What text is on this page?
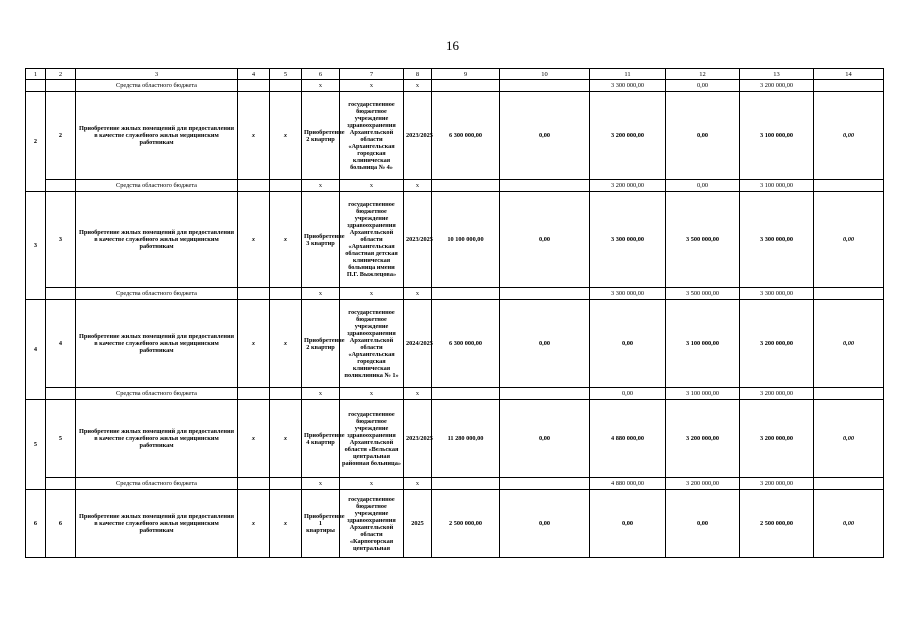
16
1	2	3	4	5	6	7	8	9	10	11	12	13	14
		Средства областного бюджета			x	x	x			3 300 000,00	0,00	3 200 000,00	
2	2	Приобретение жилых помещений для предоставления в качестве служебного жилья медицинским работникам	x	x	Приобретение 2 квартир	государственное бюджетное учреждение здравоохранения Архангельской области «Архангельская городская клиническая больница № 4»	2023/2025	6 300 000,00	0,00	3 200 000,00	0,00	3 100 000,00	0,00
		Средства областного бюджета			x	x	x			3 200 000,00	0,00	3 100 000,00	
3	3	Приобретение жилых помещений для предоставления в качестве служебного жилья медицинским работникам	x	x	Приобретение 3 квартир	государственное бюджетное учреждение здравоохранения Архангельской области «Архангельская областная детская клиническая больница имени П.Г. Выжлецова»	2023/2025	10 100 000,00	0,00	3 300 000,00	3 500 000,00	3 300 000,00	0,00
		Средства областного бюджета			x	x	x			3 300 000,00	3 500 000,00	3 300 000,00	
4	4	Приобретение жилых помещений для предоставления в качестве служебного жилья медицинским работникам	x	x	Приобретение 2 квартир	государственное бюджетное учреждение здравоохранения Архангельской области «Архангельская городская клиническая поликлиника № 1»	2024/2025	6 300 000,00	0,00	0,00	3 100 000,00	3 200 000,00	0,00
		Средства областного бюджета			x	x	x			0,00	3 100 000,00	3 200 000,00	
5	5	Приобретение жилых помещений для предоставления в качестве служебного жилья медицинским работникам	x	x	Приобретение 4 квартир	государственное бюджетное учреждение здравоохранения Архангельской области «Вельская центральная районная больница»	2023/2025	11 280 000,00	0,00	4 880 000,00	3 200 000,00	3 200 000,00	0,00
		Средства областного бюджета			x	x	x			4 880 000,00	3 200 000,00	3 200 000,00	
6	6	Приобретение жилых помещений для предоставления в качестве служебного жилья медицинским работникам	x	x	Приобретение 1 квартиры	государственное бюджетное учреждение здравоохранения Архангельской области «Карпогорская центральная	2025	2 500 000,00	0,00	0,00	0,00	2 500 000,00	0,00
